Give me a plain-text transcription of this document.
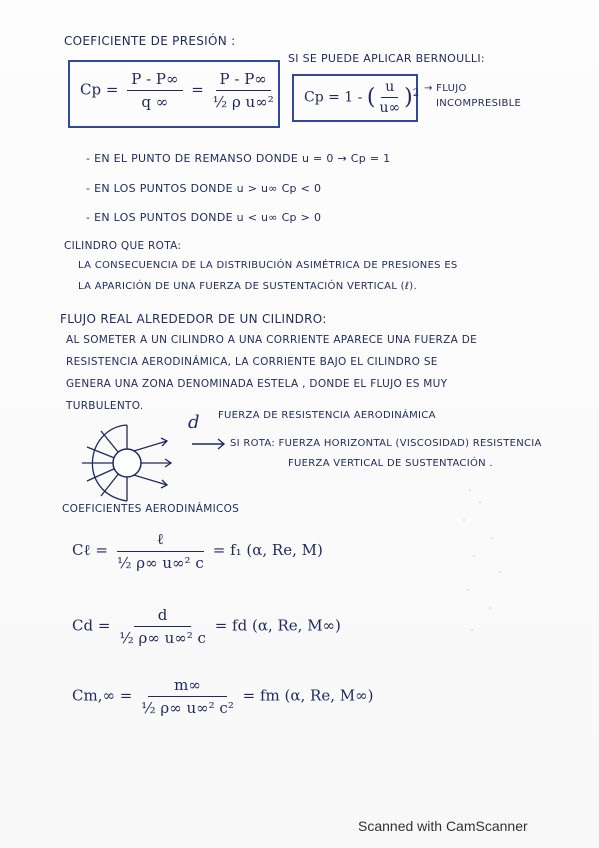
COEFICIENTE DE PRESIÓN :
$Cp = \frac{P - P\infty}{q \infty} = \frac{P - P\infty}{\text{½ ρ u∞²}}$
SI SE PUEDE APLICAR BERNOULLI:
Cp = 1 - ( $\frac{u}{u\infty} )^2$ → FLUJO
INCOMPRESIBLE
- EN EL PUNTO DE REMANSO DONDE u = 0 → Cp = 1
- EN LOS PUNTOS DONDE u > u∞ Cp < 0
- EN LOS PUNTOS DONDE u < u∞ Cp > 0
CILINDRO QUE ROTA:
LA CONSECUENCIA DE LA DISTRIBUCIÓN ASIMÉTRICA DE PRESIONES ES
LA APARICIÓN DE UNA FUERZA DE SUSTENTACIÓN VERTICAL (ℓ).
FLUJO REAL ALREDEDOR DE UN CILINDRO:
AL SOMETER A UN CILINDRO A UNA CORRIENTE APARECE UNA FUERZA DE
RESISTENCIA AERODINÁMICA, LA CORRIENTE BAJO EL CILINDRO SE
GENERA UNA ZONA DENOMINADA ESTELA , DONDE EL FLUJO ES MUY
TURBULENTO.
d FUERZA DE RESISTENCIA AERODINÁMICA
SI ROTA: FUERZA HORIZONTAL (VISCOSIDAD) RESISTENCIA
FUERZA VERTICAL DE SUSTENTACIÓN .
COEFICIENTES AERODINÁMICOS
Cℓ = $\frac{\text{ℓ}}{\text{½ ρ∞ u∞² c}} = f_1$ (α, Re, M)
$Cd = \frac{d}{\text{½ ρ∞ u∞² c}}$ = fd (α, Re, M∞)
$Cm,\infty = \frac{m\infty}{\text{½ ρ∞ u∞² c²}}$ = fm (α, Re, M∞)
Scanned with CamScanner
